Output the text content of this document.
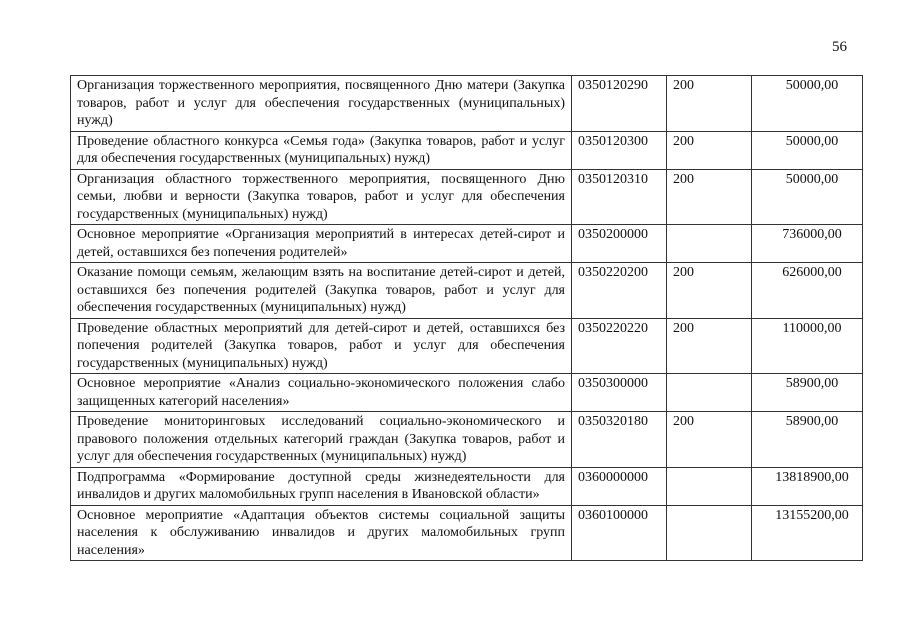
56
Организация торжественного мероприятия, посвященного Дню матери (Закупка товаров, работ и услуг для обеспечения государственных (муниципальных) нужд)	0350120290	200	50000,00
Проведение областного конкурса «Семья года» (Закупка товаров, работ и услуг для обеспечения государственных (муниципальных) нужд)	0350120300	200	50000,00
Организация областного торжественного мероприятия, посвященного Дню семьи, любви и верности (Закупка товаров, работ и услуг для обеспечения государственных (муниципальных) нужд)	0350120310	200	50000,00
Основное мероприятие «Организация мероприятий в интересах детей-сирот и детей, оставшихся без попечения родителей»	0350200000		736000,00
Оказание помощи семьям, желающим взять на воспитание детей-сирот и детей, оставшихся без попечения родителей (Закупка товаров, работ и услуг для обеспечения государственных (муниципальных) нужд)	0350220200	200	626000,00
Проведение областных мероприятий для детей-сирот и детей, оставшихся без попечения родителей (Закупка товаров, работ и услуг для обеспечения государственных (муниципальных) нужд)	0350220220	200	110000,00
Основное мероприятие «Анализ социально-экономического положения слабо защищенных категорий населения»	0350300000		58900,00
Проведение мониторинговых исследований социально-экономического и правового положения отдельных категорий граждан (Закупка товаров, работ и услуг для обеспечения государственных (муниципальных) нужд)	0350320180	200	58900,00
Подпрограмма «Формирование доступной среды жизнедеятельности для инвалидов и других маломобильных групп населения в Ивановской области»	0360000000		13818900,00
Основное мероприятие «Адаптация объектов системы социальной защиты населения к обслуживанию инвалидов и других маломобильных групп населения»	0360100000		13155200,00
